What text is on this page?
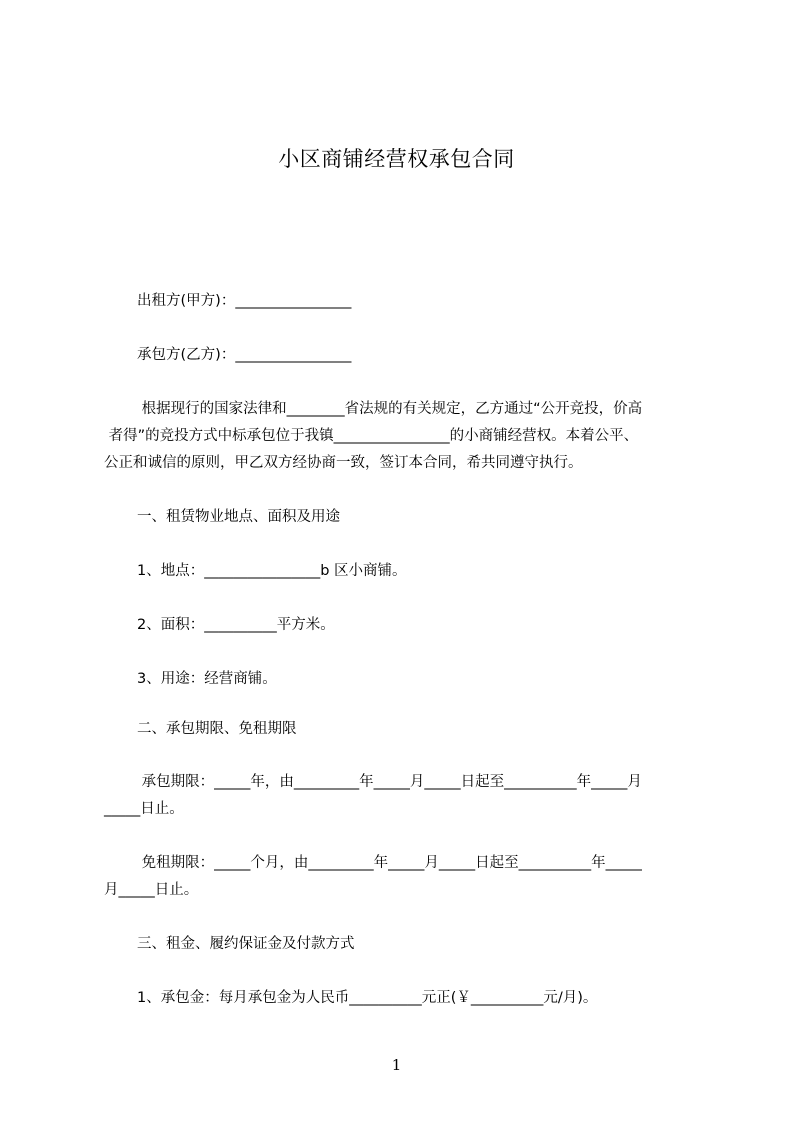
小区商铺经营权承包合同
出租方(甲方)：________________
承包方(乙方)：________________
根据现行的国家法律和________省法规的有关规定，乙方通过“公开竞投，价高
者得”的竞投方式中标承包位于我镇________________的小商铺经营权。本着公平、
公正和诚信的原则，甲乙双方经协商一致，签订本合同，希共同遵守执行。
一、租赁物业地点、面积及用途
1、地点：________________b 区小商铺。
2、面积：__________平方米。
3、用途：经营商铺。
二、承包期限、免租期限
承包期限：_____年，由_________年_____月_____日起至__________年_____月
_____日止。
免租期限：_____个月，由_________年_____月_____日起至__________年_____
月_____日止。
三、租金、履约保证金及付款方式
1、承包金：每月承包金为人民币__________元正(￥__________元/月)。
1
